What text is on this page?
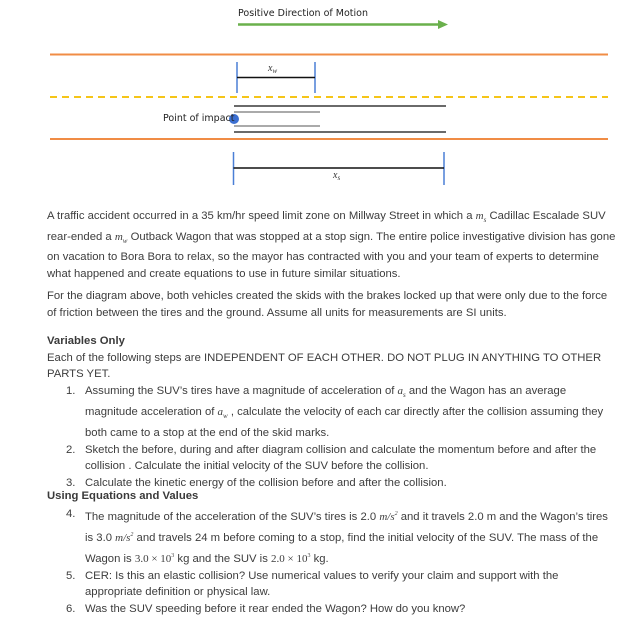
Positive Direction of Motion
Point of impact
$x_w$
$x_s$

A traffic accident occurred in a 35 km/hr speed limit zone on Millway Street in which a $m_s$ Cadillac Escalade SUV rear-ended a $m_w$ Outback Wagon that was stopped at a stop sign. The entire police investigative division has gone on vacation to Bora Bora to relax, so the mayor has contracted with you and your team of experts to determine what happened and create equations to use in future similar situations.

For the diagram above, both vehicles created the skids with the brakes locked up that were only due to the force of friction between the tires and the ground. Assume all units for measurements are SI units.

Variables Only

Each of the following steps are INDEPENDENT OF EACH OTHER. DO NOT PLUG IN ANYTHING TO OTHER PARTS YET.

1. Assuming the SUV’s tires have a magnitude of acceleration of $a_s$ and the Wagon has an average magnitude acceleration of $a_w$ , calculate the velocity of each car directly after the collision assuming they both came to a stop at the end of the skid marks.
2. Sketch the before, during and after diagram collision and calculate the momentum before and after the collision . Calculate the initial velocity of the SUV before the collision.
3. Calculate the kinetic energy of the collision before and after the collision.

Using Equations and Values

4. The magnitude of the acceleration of the SUV’s tires is 2.0 $m/s^2$ and it travels 2.0 m and the Wagon’s tires is 3.0 $m/s^2$ and travels 24 m before coming to a stop, find the initial velocity of the SUV. The mass of the Wagon is $3.0 \times 10^3$ kg and the SUV is $2.0 \times 10^3$ kg.
5. CER: Is this an elastic collision? Use numerical values to verify your claim and support with the appropriate definition or physical law.
6. Was the SUV speeding before it rear ended the Wagon? How do you know?
